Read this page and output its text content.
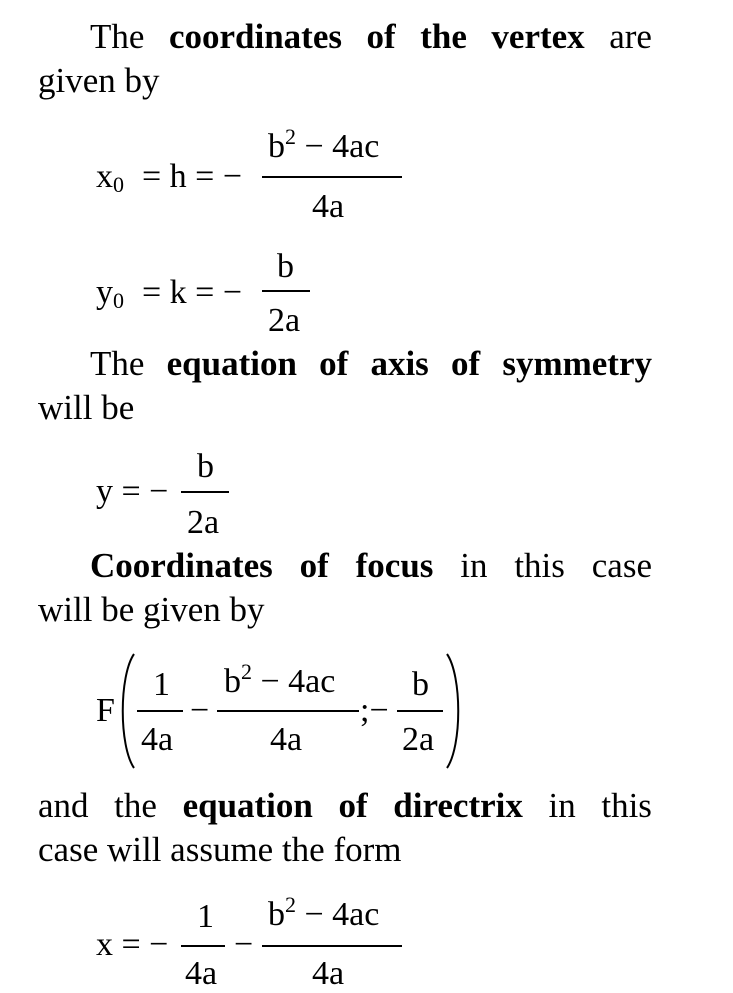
The coordinates of the vertex are
given by
$x_0 = h$ = −
$b^2 - 4ac$
4a
$y_0 = k$ = −
b
2a
The equation of axis of symmetry
will be
y = −
b
2a
Coordinates of focus in this case
will be given by
F
1
4a
−
$b^2 - 4ac$
4a
;−
b
2a
and the equation of directrix in this
case will assume the form
x = −
1
4a
−
$b^2 - 4ac$
4a
